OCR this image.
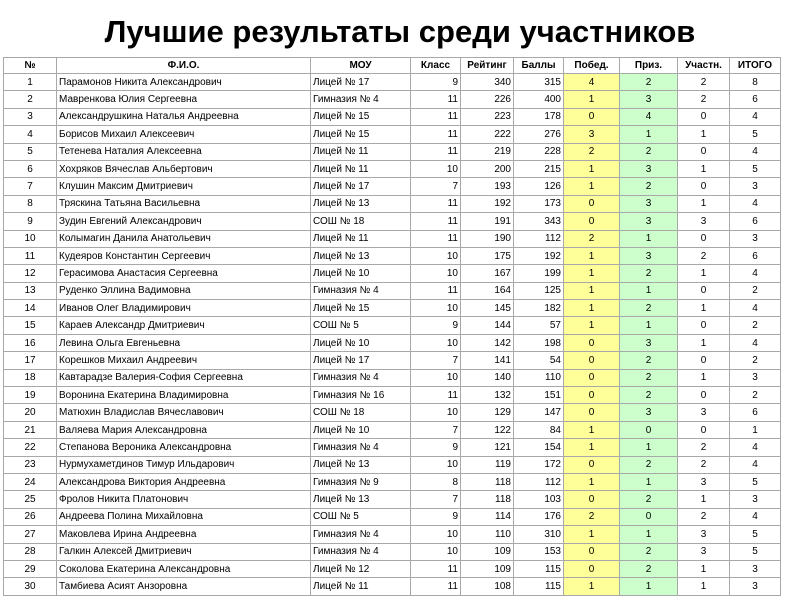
Лучшие результаты среди участников
№	Ф.И.О.	МОУ	Класс	Рейтинг	Баллы	Побед.	Приз.	Участн.	ИТОГО
1	Парамонов Никита Александрович	Лицей № 17	9	340	315	4	2	2	8
2	Мавренкова Юлия Сергеевна	Гимназия № 4	11	226	400	1	3	2	6
3	Александрушкина Наталья Андреевна	Лицей № 15	11	223	178	0	4	0	4
4	Борисов Михаил Алексеевич	Лицей № 15	11	222	276	3	1	1	5
5	Тетенева Наталия Алексеевна	Лицей № 11	11	219	228	2	2	0	4
6	Хохряков Вячеслав Альбертович	Лицей № 11	10	200	215	1	3	1	5
7	Клушин Максим Дмитриевич	Лицей № 17	7	193	126	1	2	0	3
8	Тряскина Татьяна Васильевна	Лицей № 13	11	192	173	0	3	1	4
9	Зудин Евгений Александрович	СОШ № 18	11	191	343	0	3	3	6
10	Колымагин Данила Анатольевич	Лицей № 11	11	190	112	2	1	0	3
11	Кудеяров Константин Сергеевич	Лицей № 13	10	175	192	1	3	2	6
12	Герасимова Анастасия Сергеевна	Лицей № 10	10	167	199	1	2	1	4
13	Руденко Эллина Вадимовна	Гимназия № 4	11	164	125	1	1	0	2
14	Иванов Олег Владимирович	Лицей № 15	10	145	182	1	2	1	4
15	Караев Александр Дмитриевич	СОШ № 5	9	144	57	1	1	0	2
16	Левина Ольга Евгеньевна	Лицей № 10	10	142	198	0	3	1	4
17	Корешков Михаил Андреевич	Лицей № 17	7	141	54	0	2	0	2
18	Кавтарадзе Валерия-София Сергеевна	Гимназия № 4	10	140	110	0	2	1	3
19	Воронина Екатерина Владимировна	Гимназия № 16	11	132	151	0	2	0	2
20	Матюхин Владислав Вячеславович	СОШ № 18	10	129	147	0	3	3	6
21	Валяева Мария Александровна	Лицей № 10	7	122	84	1	0	0	1
22	Степанова Вероника Александровна	Гимназия № 4	9	121	154	1	1	2	4
23	Нурмухаметдинов Тимур Ильдарович	Лицей № 13	10	119	172	0	2	2	4
24	Александрова Виктория Андреевна	Гимназия № 9	8	118	112	1	1	3	5
25	Фролов Никита Платонович	Лицей № 13	7	118	103	0	2	1	3
26	Андреева Полина Михайловна	СОШ № 5	9	114	176	2	0	2	4
27	Маковлева Ирина Андреевна	Гимназия № 4	10	110	310	1	1	3	5
28	Галкин Алексей Дмитриевич	Гимназия № 4	10	109	153	0	2	3	5
29	Соколова Екатерина Александровна	Лицей № 12	11	109	115	0	2	1	3
30	Тамбиева Асият Анзоровна	Лицей № 11	11	108	115	1	1	1	3
